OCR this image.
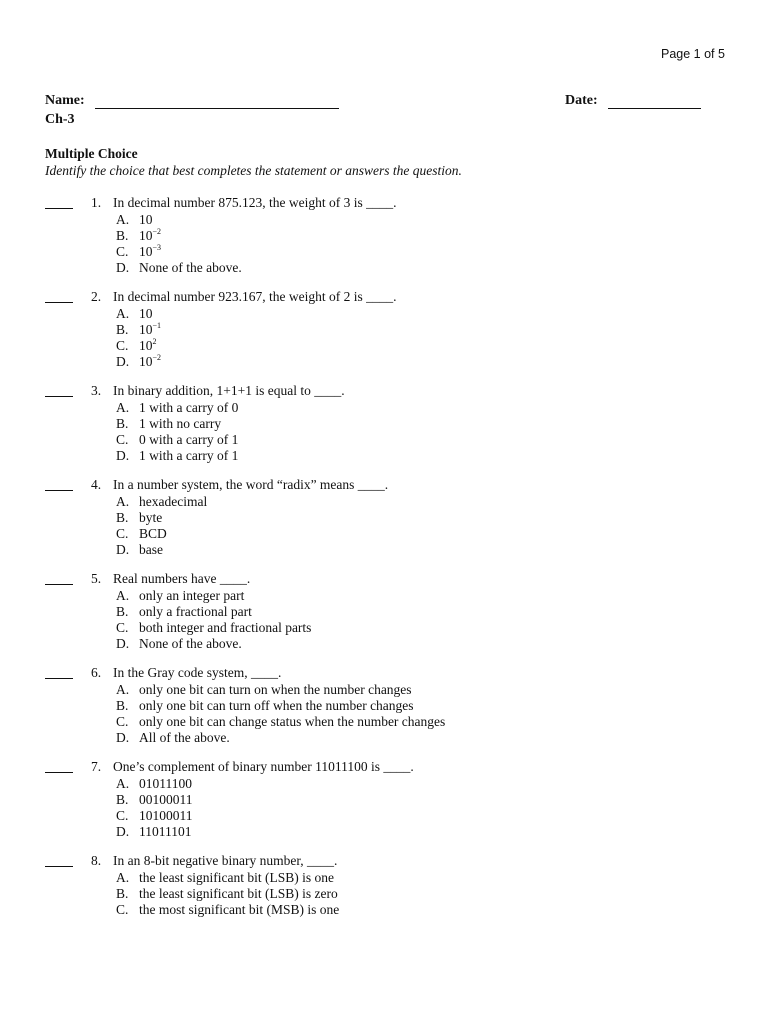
Page 1 of 5
Name:	Date:
Ch-3
Multiple Choice
Identify the choice that best completes the statement or answers the question.
1. In decimal number 875.123, the weight of 3 is ____.
A. 10
B. $10^{-2}$
C. $10^{-3}$
D. None of the above.
2. In decimal number 923.167, the weight of 2 is ____.
A. 10
B. $10^{-1}$
C. $10^2$
D. $10^{-2}$
3. In binary addition, 1+1+1 is equal to ____.
A. 1 with a carry of 0
B. 1 with no carry
C. 0 with a carry of 1
D. 1 with a carry of 1
4. In a number system, the word “radix” means ____.
A. hexadecimal
B. byte
C. BCD
D. base
5. Real numbers have ____.
A. only an integer part
B. only a fractional part
C. both integer and fractional parts
D. None of the above.
6. In the Gray code system, ____.
A. only one bit can turn on when the number changes
B. only one bit can turn off when the number changes
C. only one bit can change status when the number changes
D. All of the above.
7. One’s complement of binary number 11011100 is ____.
A. 01011100
B. 00100011
C. 10100011
D. 11011101
8. In an 8-bit negative binary number, ____.
A. the least significant bit (LSB) is one
B. the least significant bit (LSB) is zero
C. the most significant bit (MSB) is one
